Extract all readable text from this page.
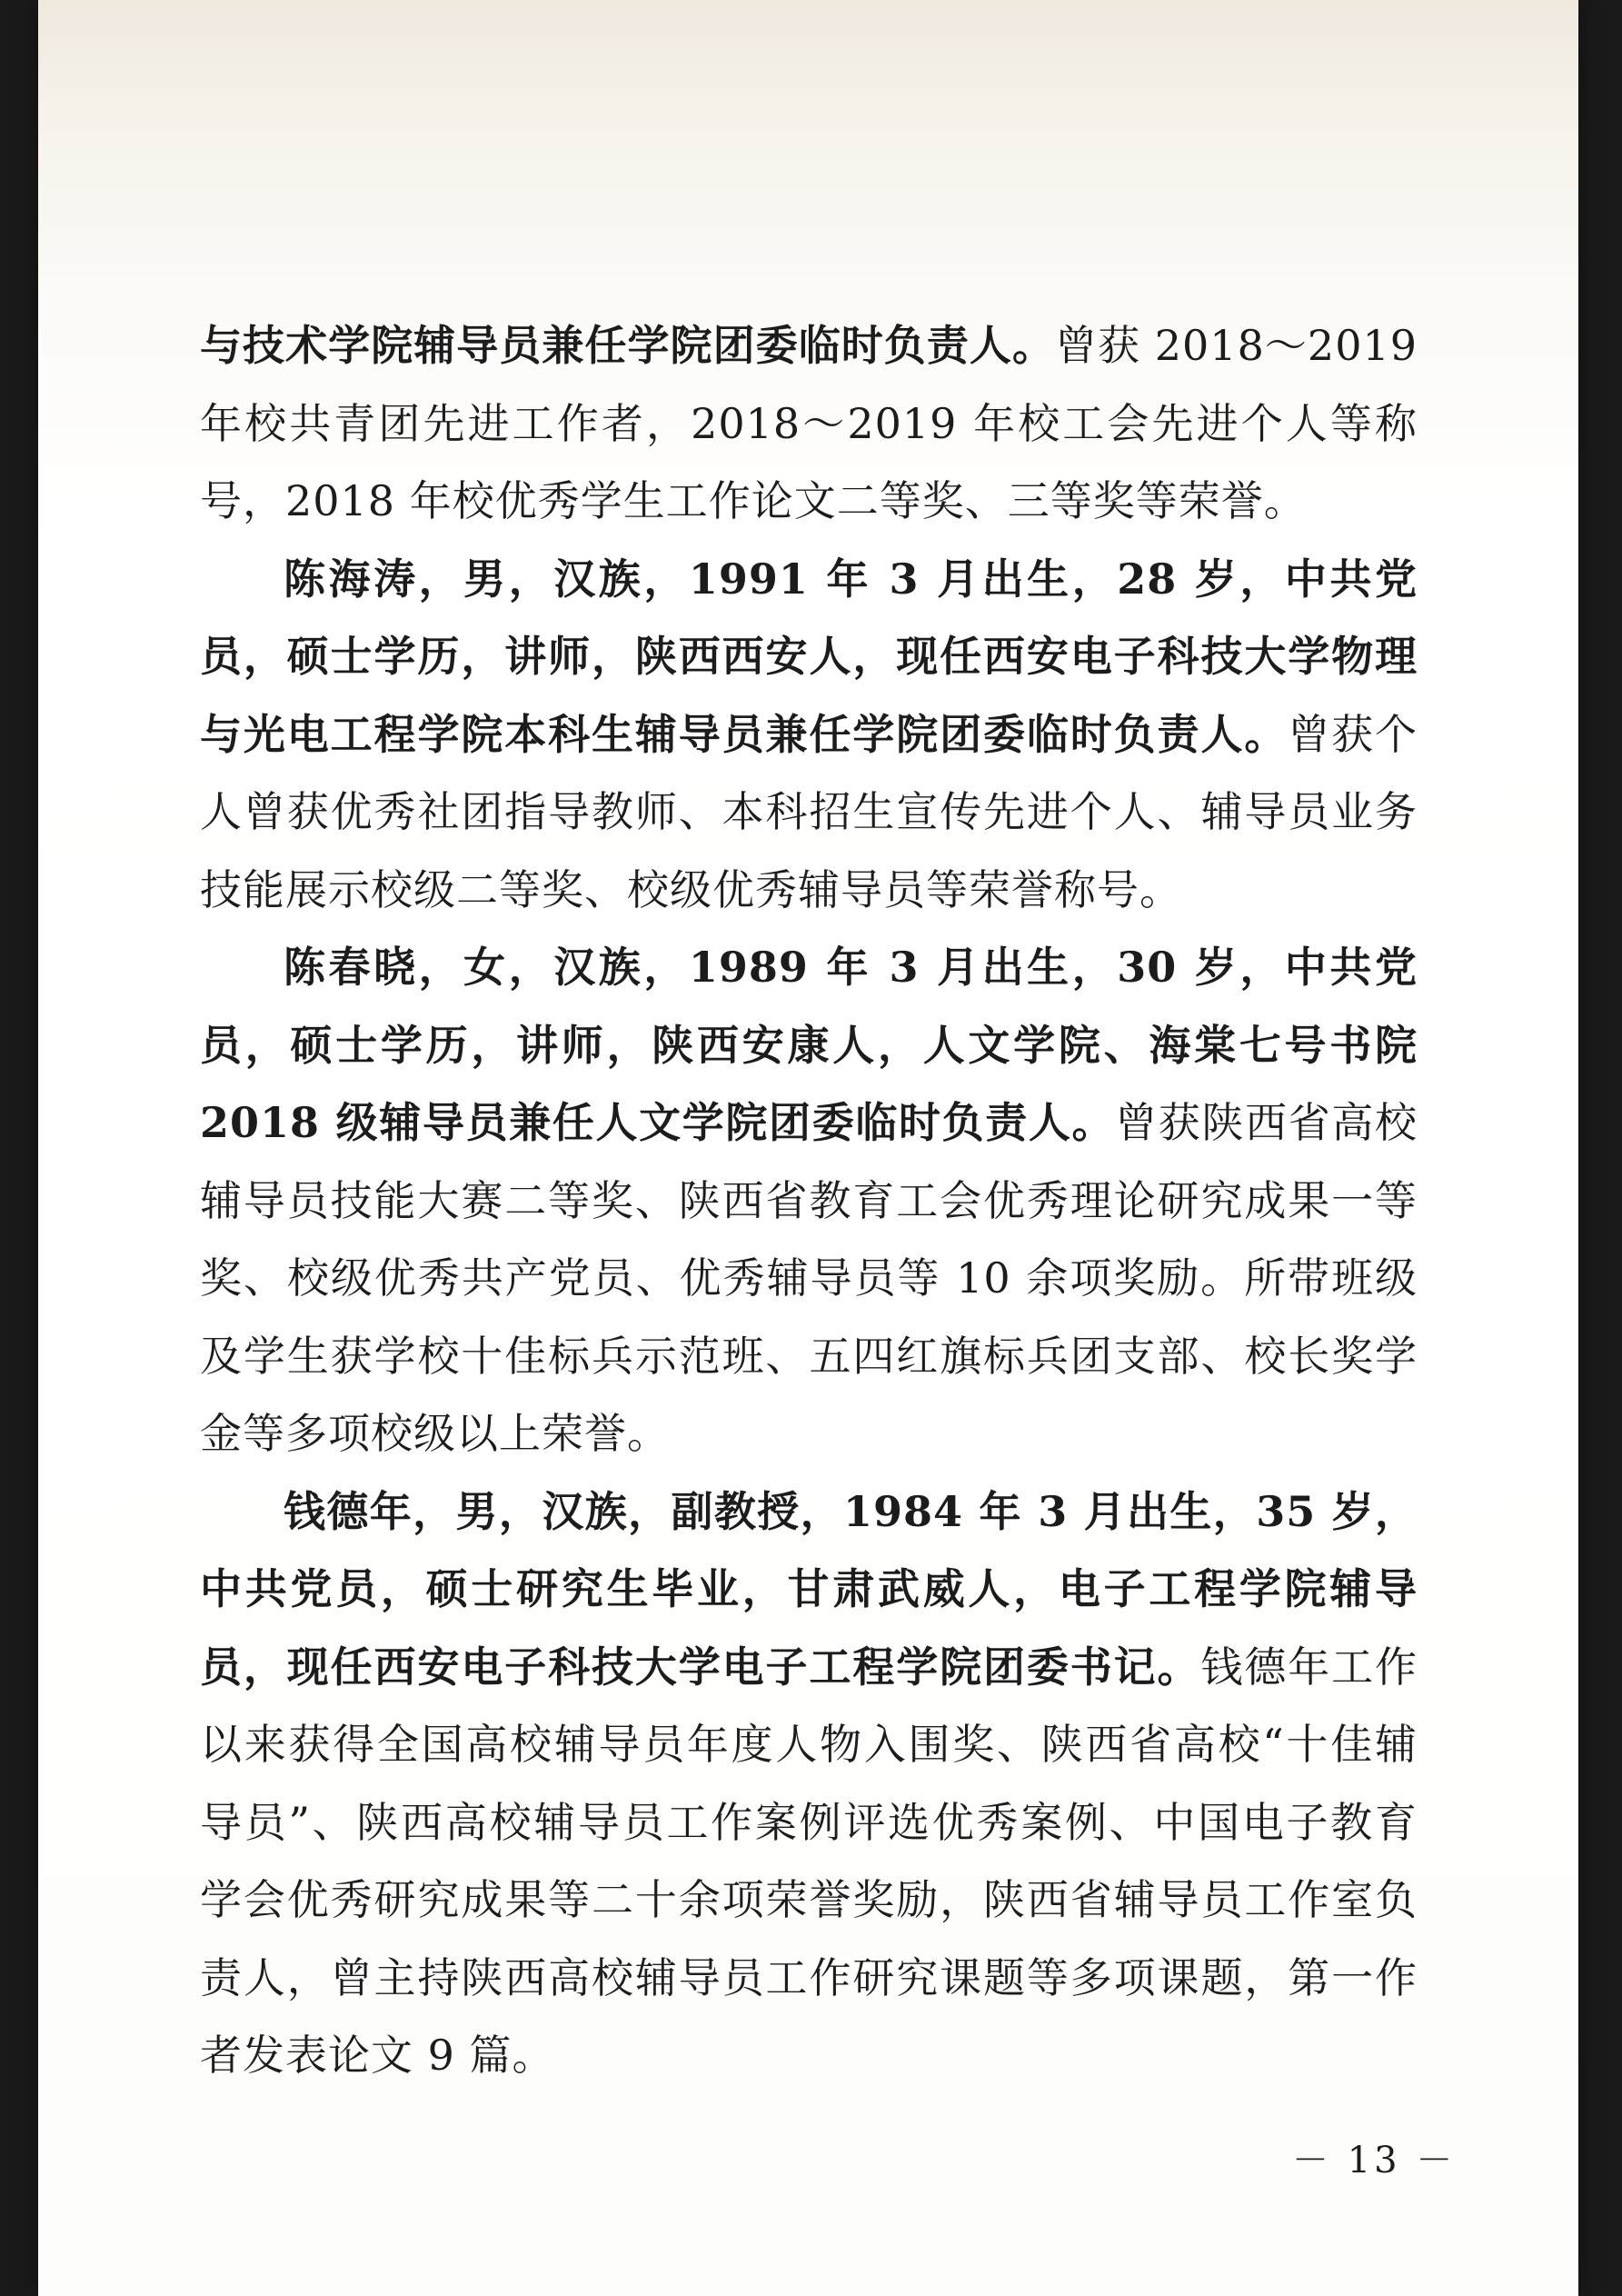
与技术学院辅导员兼任学院团委临时负责人。曾获 2018～2019 年校共青团先进工作者，2018～2019 年校工会先进个人等称号，2018 年校优秀学生工作论文二等奖、三等奖等荣誉。

陈海涛，男，汉族，1991 年 3 月出生，28 岁，中共党员，硕士学历，讲师，陕西西安人，现任西安电子科技大学物理与光电工程学院本科生辅导员兼任学院团委临时负责人。曾获个人曾获优秀社团指导教师、本科招生宣传先进个人、辅导员业务技能展示校级二等奖、校级优秀辅导员等荣誉称号。

陈春晓，女，汉族，1989 年 3 月出生，30 岁，中共党员，硕士学历，讲师，陕西安康人，人文学院、海棠七号书院 2018 级辅导员兼任人文学院团委临时负责人。曾获陕西省高校辅导员技能大赛二等奖、陕西省教育工会优秀理论研究成果一等奖、校级优秀共产党员、优秀辅导员等 10 余项奖励。所带班级及学生获学校十佳标兵示范班、五四红旗标兵团支部、校长奖学金等多项校级以上荣誉。

钱德年，男，汉族，副教授，1984 年 3 月出生，35 岁，中共党员，硕士研究生毕业，甘肃武威人，电子工程学院辅导员，现任西安电子科技大学电子工程学院团委书记。钱德年工作以来获得全国高校辅导员年度人物入围奖、陕西省高校“十佳辅导员”、陕西高校辅导员工作案例评选优秀案例、中国电子教育学会优秀研究成果等二十余项荣誉奖励，陕西省辅导员工作室负责人，曾主持陕西高校辅导员工作研究课题等多项课题，第一作者发表论文 9 篇。

－ 13 －
